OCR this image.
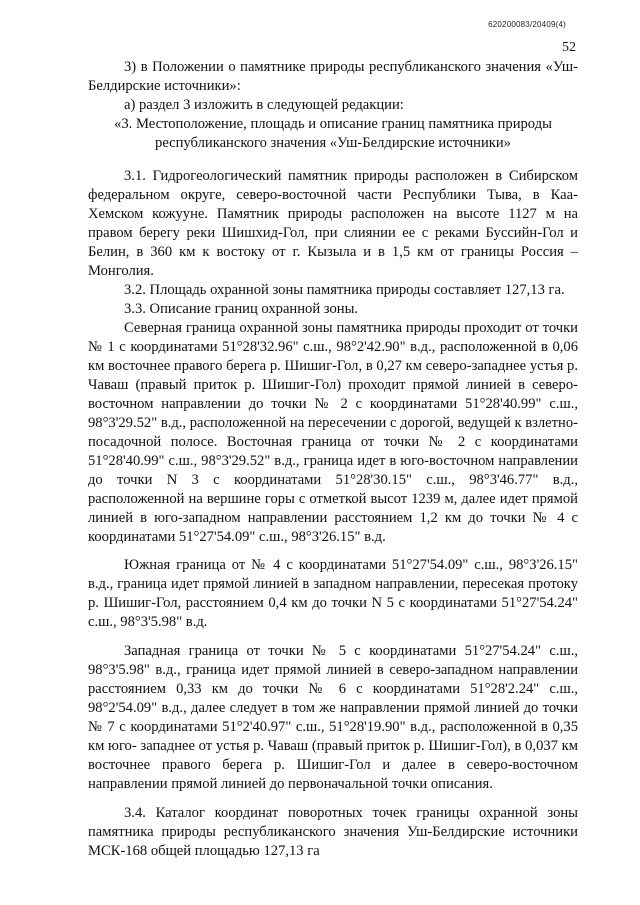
620200083/20409(4)
52

3) в Положении о памятнике природы республиканского значения «Уш-Белдирские источники»:

а) раздел 3 изложить в следующей редакции:

«3. Местоположение, площадь и описание границ памятника природы республиканского значения «Уш-Белдирские источники»

3.1. Гидрогеологический памятник природы расположен в Сибирском федеральном округе, северо-восточной части Республики Тыва, в Каа-Хемском кожууне. Памятник природы расположен на высоте 1127 м на правом берегу реки Шишхид-Гол, при слиянии ее с реками Буссийн-Гол и Белин, в 360 км к востоку от г. Кызыла и в 1,5 км от границы Россия – Монголия.

3.2. Площадь охранной зоны памятника природы составляет 127,13 га.

3.3. Описание границ охранной зоны.

Северная граница охранной зоны памятника природы проходит от точки № 1 с координатами 51°28'32.96" с.ш., 98°2'42.90" в.д., расположенной в 0,06 км восточнее правого берега р. Шишиг-Гол, в 0,27 км северо-западнее устья р. Чаваш (правый приток р. Шишиг-Гол) проходит прямой линией в северо-восточном направлении до точки № 2 с координатами 51°28'40.99" с.ш., 98°3'29.52" в.д., расположенной на пересечении с дорогой, ведущей к взлетно-посадочной полосе. Восточная граница от точки № 2 с координатами 51°28'40.99" с.ш., 98°3'29.52" в.д., граница идет в юго-восточном направлении до точки N 3 с координатами 51°28'30.15" с.ш., 98°3'46.77" в.д., расположенной на вершине горы с отметкой высот 1239 м, далее идет прямой линией в юго-западном направлении расстоянием 1,2 км до точки № 4 с координатами 51°27'54.09" с.ш., 98°3'26.15" в.д.

Южная граница от № 4 с координатами 51°27'54.09" с.ш., 98°3'26.15" в.д., граница идет прямой линией в западном направлении, пересекая протоку р. Шишиг-Гол, расстоянием 0,4 км до точки N 5 с координатами 51°27'54.24" с.ш., 98°3'5.98" в.д.

Западная граница от точки № 5 с координатами 51°27'54.24" с.ш., 98°3'5.98" в.д., граница идет прямой линией в северо-западном направлении расстоянием 0,33 км до точки № 6 с координатами 51°28'2.24" с.ш., 98°2'54.09" в.д., далее следует в том же направлении прямой линией до точки № 7 с координатами 51°2'40.97" с.ш., 51°28'19.90" в.д., расположенной в 0,35 км юго- западнее от устья р. Чаваш (правый приток р. Шишиг-Гол), в 0,037 км восточнее правого берега р. Шишиг-Гол и далее в северо-восточном направлении прямой линией до первоначальной точки описания.

3.4. Каталог координат поворотных точек границы охранной зоны памятника природы республиканского значения Уш-Белдирские источники МСК-168 общей площадью 127,13 га
